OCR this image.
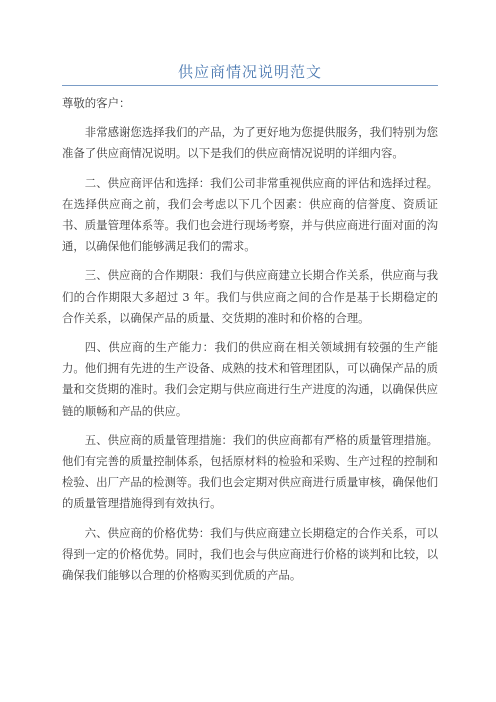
供应商情况说明范文

尊敬的客户：

非常感谢您选择我们的产品，为了更好地为您提供服务，我们特别为您准备了供应商情况说明。以下是我们的供应商情况说明的详细内容。

二、供应商评估和选择：我们公司非常重视供应商的评估和选择过程。在选择供应商之前，我们会考虑以下几个因素：供应商的信誉度、资质证书、质量管理体系等。我们也会进行现场考察，并与供应商进行面对面的沟通，以确保他们能够满足我们的需求。

三、供应商的合作期限：我们与供应商建立长期合作关系，供应商与我们的合作期限大多超过 3 年。我们与供应商之间的合作是基于长期稳定的合作关系，以确保产品的质量、交货期的准时和价格的合理。

四、供应商的生产能力：我们的供应商在相关领域拥有较强的生产能力。他们拥有先进的生产设备、成熟的技术和管理团队，可以确保产品的质量和交货期的准时。我们会定期与供应商进行生产进度的沟通，以确保供应链的顺畅和产品的供应。

五、供应商的质量管理措施：我们的供应商都有严格的质量管理措施。他们有完善的质量控制体系，包括原材料的检验和采购、生产过程的控制和检验、出厂产品的检测等。我们也会定期对供应商进行质量审核，确保他们的质量管理措施得到有效执行。

六、供应商的价格优势：我们与供应商建立长期稳定的合作关系，可以得到一定的价格优势。同时，我们也会与供应商进行价格的谈判和比较，以确保我们能够以合理的价格购买到优质的产品。
